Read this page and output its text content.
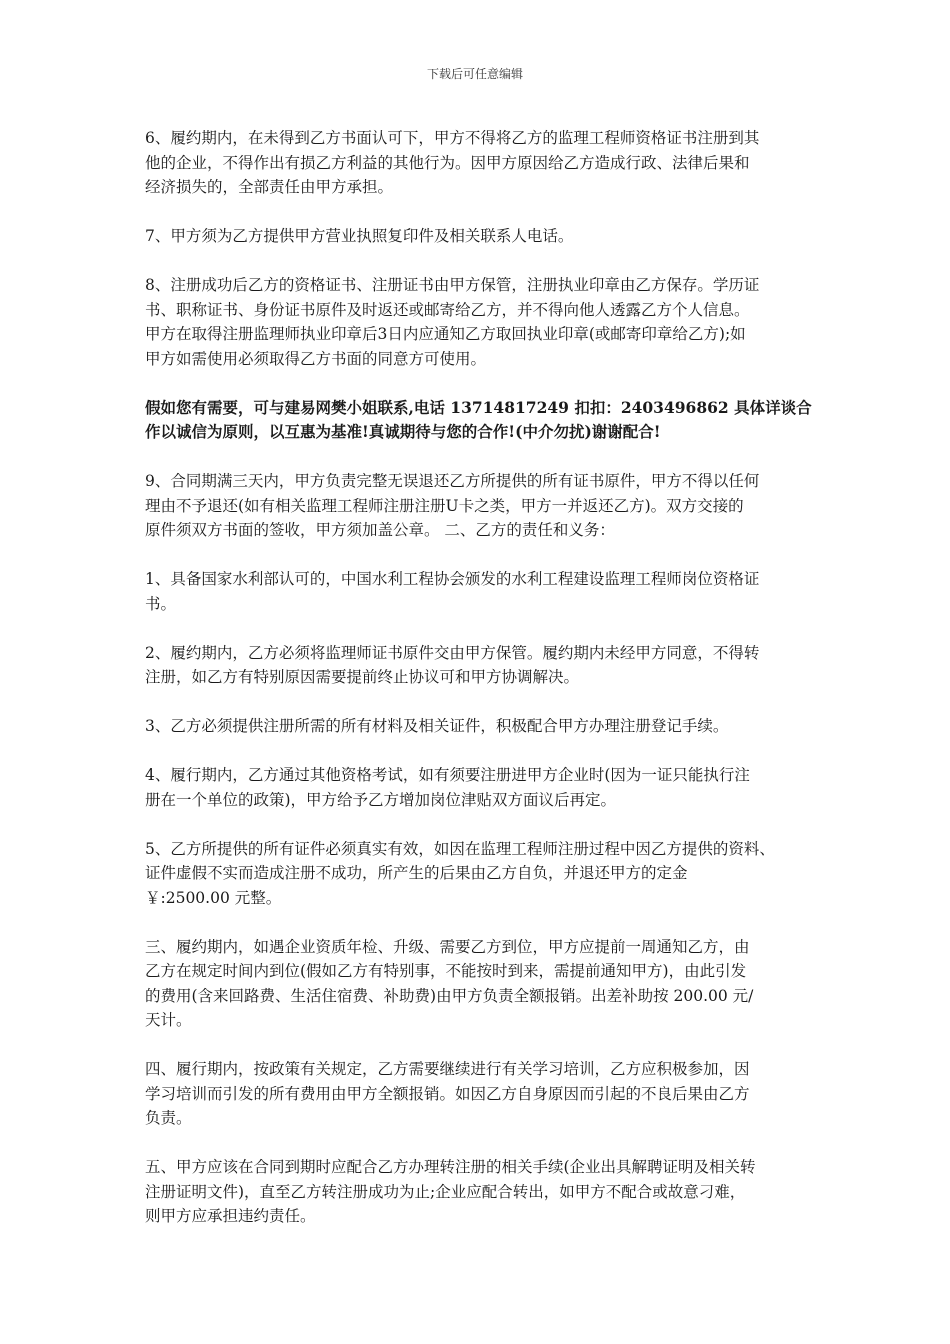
下载后可任意编辑
6、履约期内，在未得到乙方书面认可下，甲方不得将乙方的监理工程师资格证书注册到其
他的企业，不得作出有损乙方利益的其他行为。因甲方原因给乙方造成行政、法律后果和
经济损失的，全部责任由甲方承担。
7、甲方须为乙方提供甲方营业执照复印件及相关联系人电话。
8、注册成功后乙方的资格证书、注册证书由甲方保管，注册执业印章由乙方保存。学历证
书、职称证书、身份证书原件及时返还或邮寄给乙方，并不得向他人透露乙方个人信息。
甲方在取得注册监理师执业印章后3日内应通知乙方取回执业印章(或邮寄印章给乙方);如
甲方如需使用必须取得乙方书面的同意方可使用。
假如您有需要，可与建易网樊小姐联系,电话 13714817249 扣扣：2403496862 具体详谈合
作以诚信为原则，以互惠为基准!真诚期待与您的合作!(中介勿扰)谢谢配合!
9、合同期满三天内，甲方负责完整无误退还乙方所提供的所有证书原件，甲方不得以任何
理由不予退还(如有相关监理工程师注册注册U卡之类，甲方一并返还乙方)。双方交接的
原件须双方书面的签收，甲方须加盖公章。 二、乙方的责任和义务：
1、具备国家水利部认可的，中国水利工程协会颁发的水利工程建设监理工程师岗位资格证
书。
2、履约期内，乙方必须将监理师证书原件交由甲方保管。履约期内未经甲方同意，不得转
注册，如乙方有特别原因需要提前终止协议可和甲方协调解决。
3、乙方必须提供注册所需的所有材料及相关证件，积极配合甲方办理注册登记手续。
4、履行期内，乙方通过其他资格考试，如有须要注册进甲方企业时(因为一证只能执行注
册在一个单位的政策)，甲方给予乙方增加岗位津贴双方面议后再定。
5、乙方所提供的所有证件必须真实有效，如因在监理工程师注册过程中因乙方提供的资料、
证件虚假不实而造成注册不成功，所产生的后果由乙方自负，并退还甲方的定金
￥:2500.00 元整。
三、履约期内，如遇企业资质年检、升级、需要乙方到位，甲方应提前一周通知乙方，由
乙方在规定时间内到位(假如乙方有特别事，不能按时到来，需提前通知甲方)，由此引发
的费用(含来回路费、生活住宿费、补助费)由甲方负责全额报销。出差补助按 200.00 元/
天计。
四、履行期内，按政策有关规定，乙方需要继续进行有关学习培训，乙方应积极参加，因
学习培训而引发的所有费用由甲方全额报销。如因乙方自身原因而引起的不良后果由乙方
负责。
五、甲方应该在合同到期时应配合乙方办理转注册的相关手续(企业出具解聘证明及相关转
注册证明文件)，直至乙方转注册成功为止;企业应配合转出，如甲方不配合或故意刁难，
则甲方应承担违约责任。
